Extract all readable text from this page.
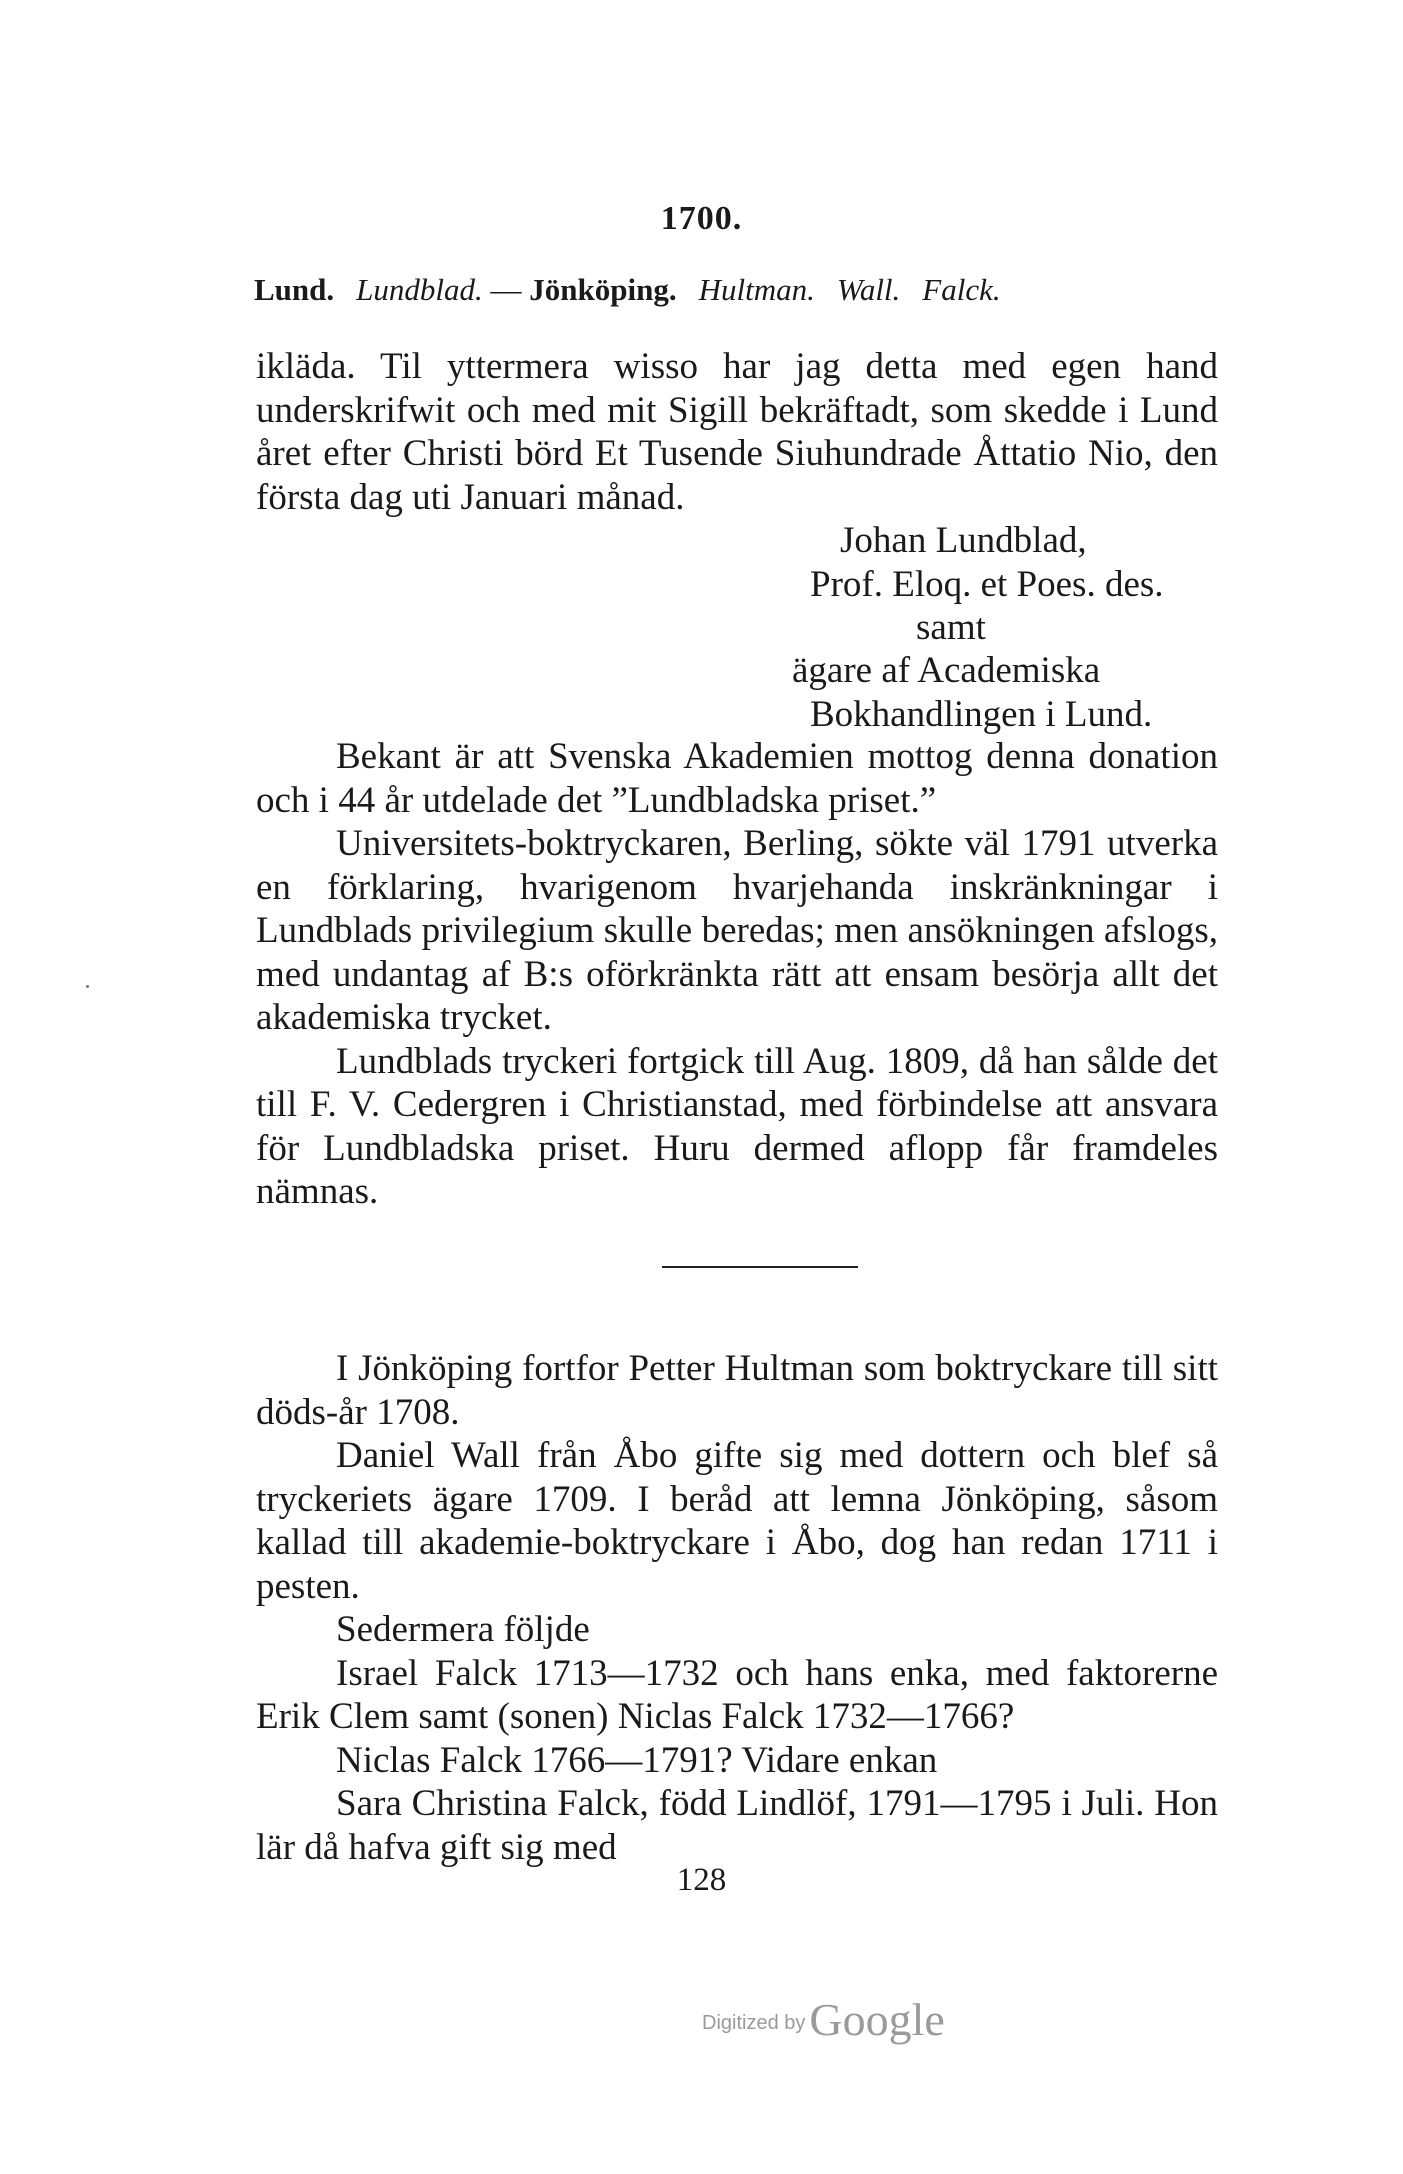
1700.
Lund. Lundblad. — Jönköping. Hultman. Wall. Falck.

ikläda. Til yttermera wisso har jag detta med egen hand underskrifwit och med mit Sigill bekräftadt, som skedde i Lund året efter Christi börd Et Tusende Siuhundrade Åttatio Nio, den första dag uti Januari månad.

Johan Lundblad,
Prof. Eloq. et Poes. des.
samt
ägare af Academiska
Bokhandlingen i Lund.

Bekant är att Svenska Akademien mottog denna donation och i 44 år utdelade det ”Lundbladska priset.”

Universitets-boktryckaren, Berling, sökte väl 1791 utverka en förklaring, hvarigenom hvarjehanda inskränkningar i Lundblads privilegium skulle beredas; men ansökningen afslogs, med undantag af B:s oförkränkta rätt att ensam besörja allt det akademiska trycket.

Lundblads tryckeri fortgick till Aug. 1809, då han sålde det till F. V. Cedergren i Christianstad, med förbindelse att ansvara för Lundbladska priset. Huru dermed aflopp får framdeles nämnas.

I Jönköping fortfor Petter Hultman som boktryckare till sitt döds-år 1708.

Daniel Wall från Åbo gifte sig med dottern och blef så tryckeriets ägare 1709. I beråd att lemna Jönköping, såsom kallad till akademie-boktryckare i Åbo, dog han redan 1711 i pesten.

Sedermera följde

Israel Falck 1713—1732 och hans enka, med faktorerne Erik Clem samt (sonen) Niclas Falck 1732—1766?

Niclas Falck 1766—1791? Vidare enkan

Sara Christina Falck, född Lindlöf, 1791—1795 i Juli. Hon lär då hafva gift sig med

128
Digitized byGoogle
